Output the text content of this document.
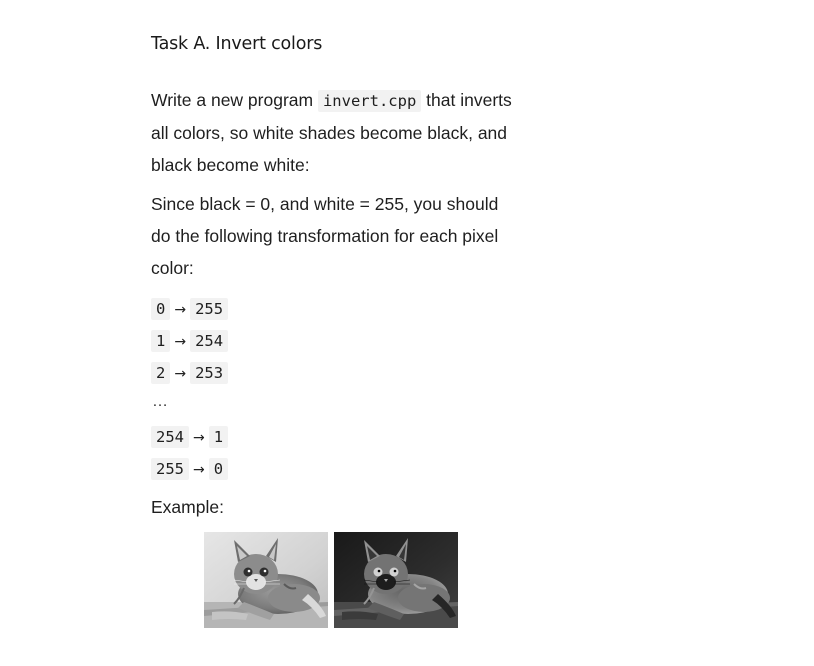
Task A. Invert colors

Write a new program invert.cpp that inverts all colors, so white shades become black, and black become white:

Since black = 0, and white = 255, you should do the following transformation for each pixel color:

0 → 255
1 → 254
2 → 253
…
254 → 1
255 → 0

Example:
